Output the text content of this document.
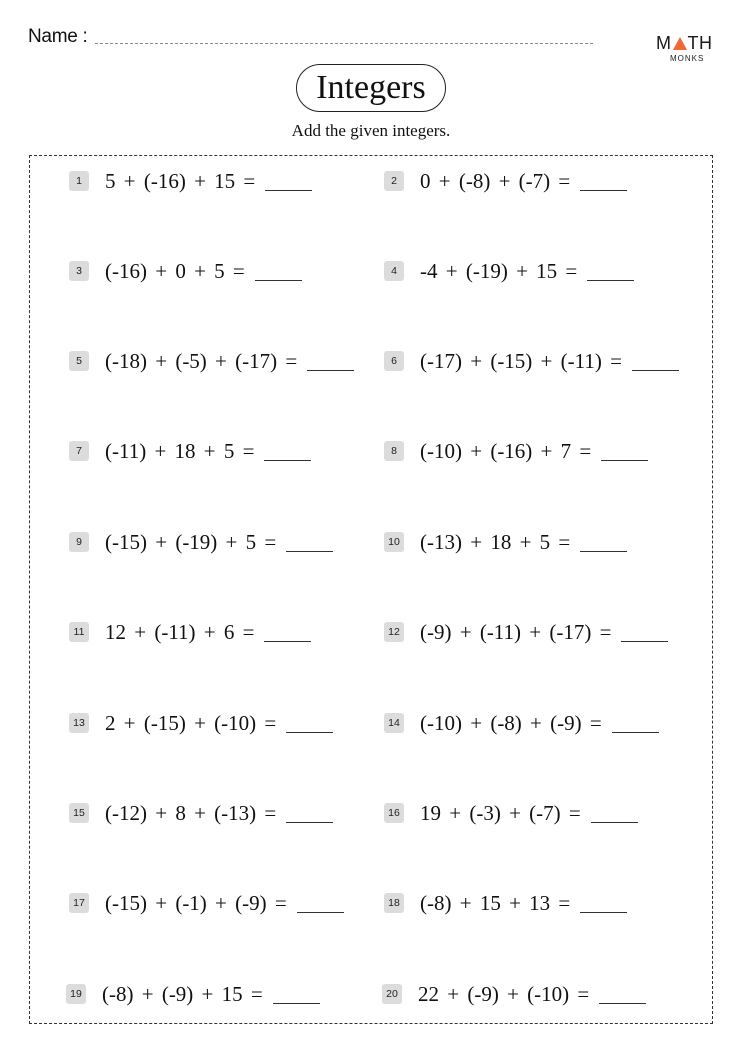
Name :	M TH
MONKS
Integers
Add the given integers.
1	5 + (-16) + 15 =	2	0 + (-8) + (-7) =
3	(-16) + 0 + 5 =	4	-4 + (-19) + 15 =
5	(-18) + (-5) + (-17) =	6	(-17) + (-15) + (-11) =
7	(-11) + 18 + 5 =	8	(-10) + (-16) + 7 =
9	(-15) + (-19) + 5 =	10 (-13) + 18 + 5 =
11 12 + (-11) + 6 =	12 (-9) + (-11) + (-17) =
13 2 + (-15) + (-10) =	14 (-10) + (-8) + (-9) =
15 (-12) + 8 + (-13) =	16 19 + (-3) + (-7) =
17 (-15) + (-1) + (-9) =	18 (-8) + 15 + 13 =
19 (-8) + (-9) + 15 =	20 22 + (-9) + (-10) =
